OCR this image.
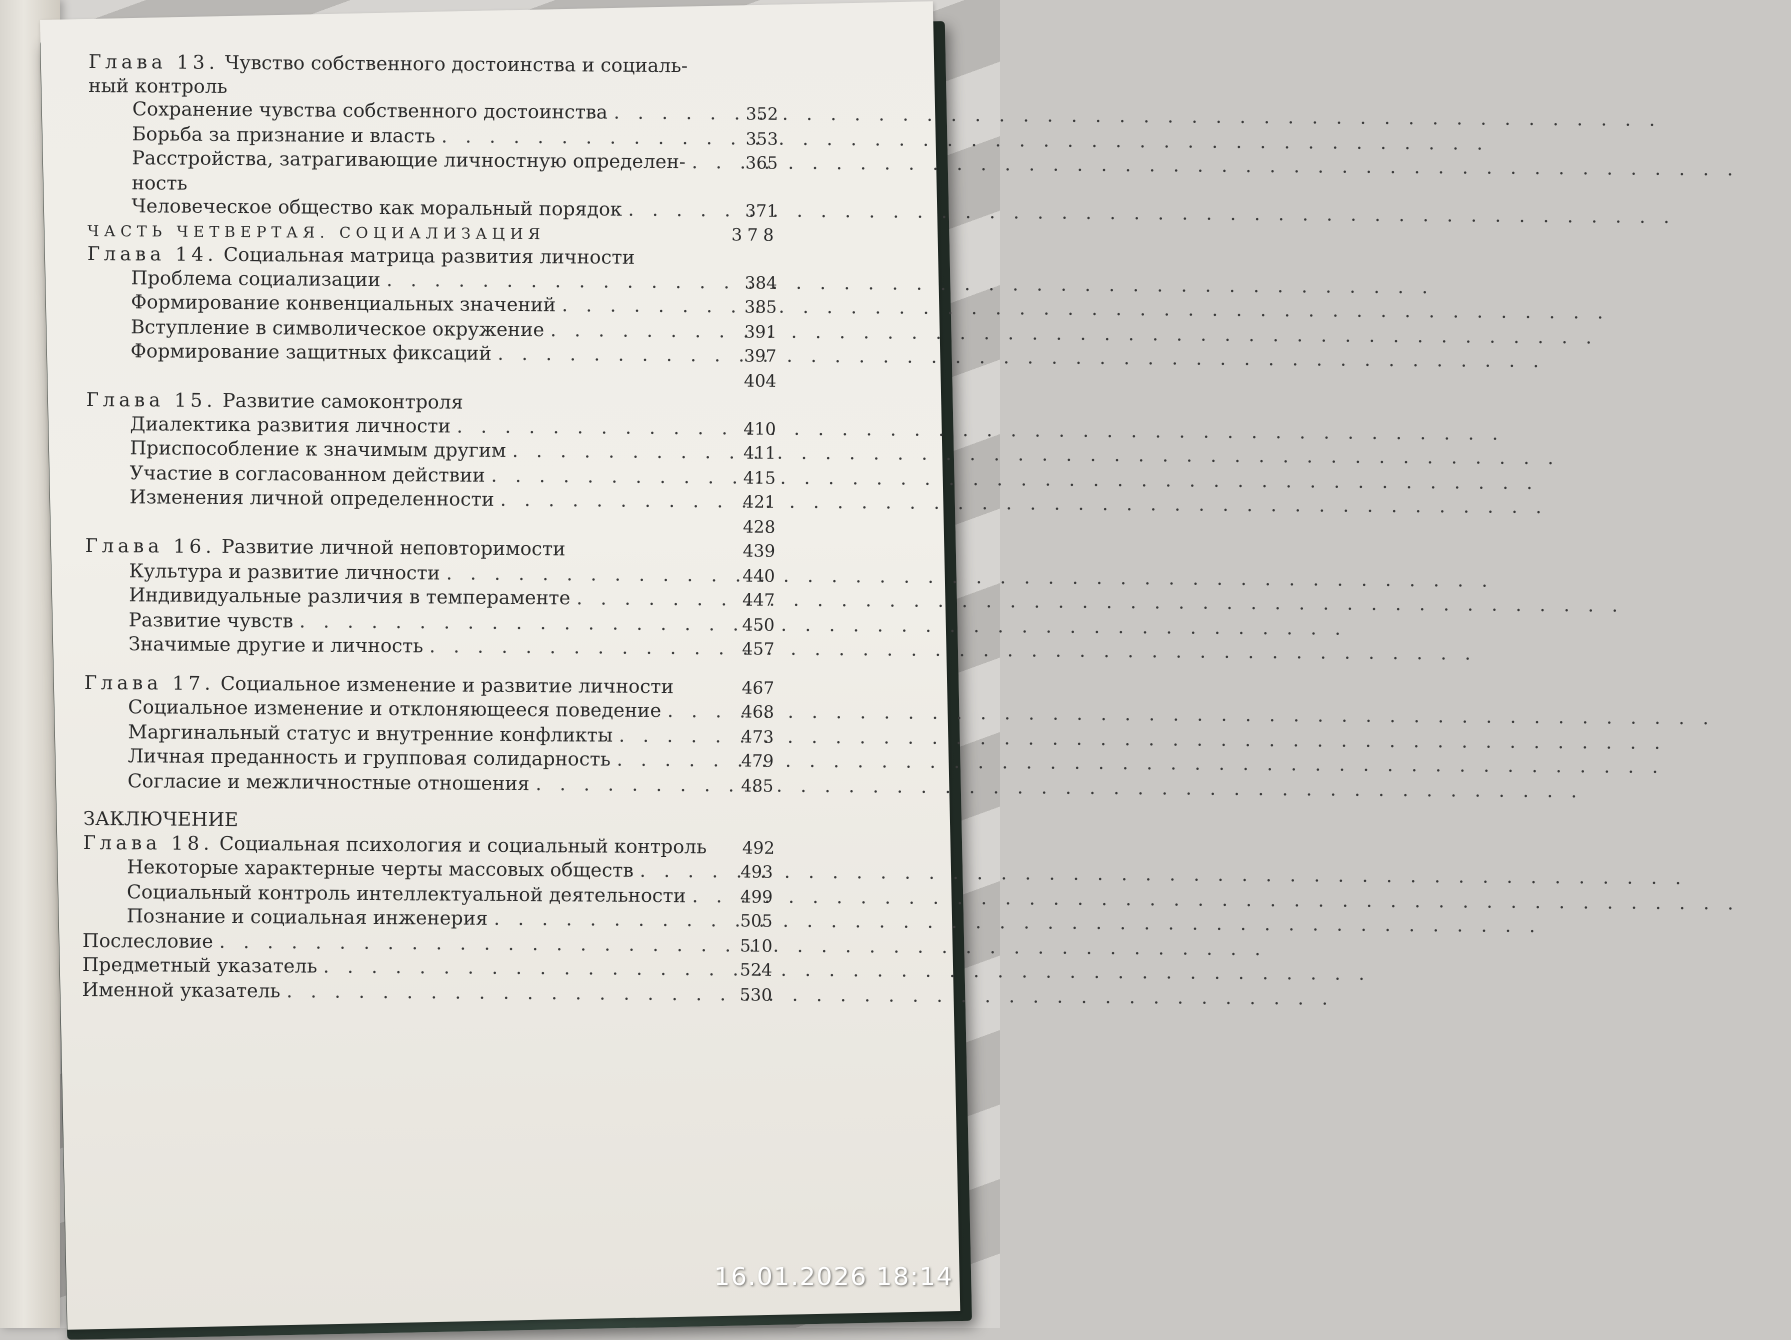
Глава 13. Чувство собственного достоинства и социаль-
ный контроль
Сохранение чувства собственного достоинства . . .	352
Борьба за признание и власть . . .	353
Расстройства, затрагивающие личностную определен- . . .	365
ность
Человеческое общество как моральный порядок . . .	371
ЧАСТЬ ЧЕТВЕРТАЯ. СОЦИАЛИЗАЦИЯ	378
Глава 14. Социальная матрица развития личности
Проблема социализации . . .	384
Формирование конвенциальных значений . . .	385
Вступление в символическое окружение . . .	391
Формирование защитных фиксаций . . .	397
404
Глава 15. Развитие самоконтроля
Диалектика развития личности . . .	410
Приспособление к значимым другим . . .	411
Участие в согласованном действии . . .	415
Изменения личной определенности . . .	421
428
Глава 16. Развитие личной неповторимости	439
Культура и развитие личности . . .	440
Индивидуальные различия в темпераменте . . .	447
Развитие чувств . . .	450
Значимые другие и личность . . .	457
Глава 17. Социальное изменение и развитие личности	467
Социальное изменение и отклоняющееся поведение . . .	468
Маргинальный статус и внутренние конфликты . . .	473
Личная преданность и групповая солидарность . . .	479
Согласие и межличностные отношения . . .	485
ЗАКЛЮЧЕНИЕ
Глава 18. Социальная психология и социальный контроль	492
Некоторые характерные черты массовых обществ . . .	493
Социальный контроль интеллектуальной деятельности . . .	499
Познание и социальная инженерия . . .	505
Послесловие . . .	510
Предметный указатель . . .	524
Именной указатель . . .	530
16.01.2026 18:14
